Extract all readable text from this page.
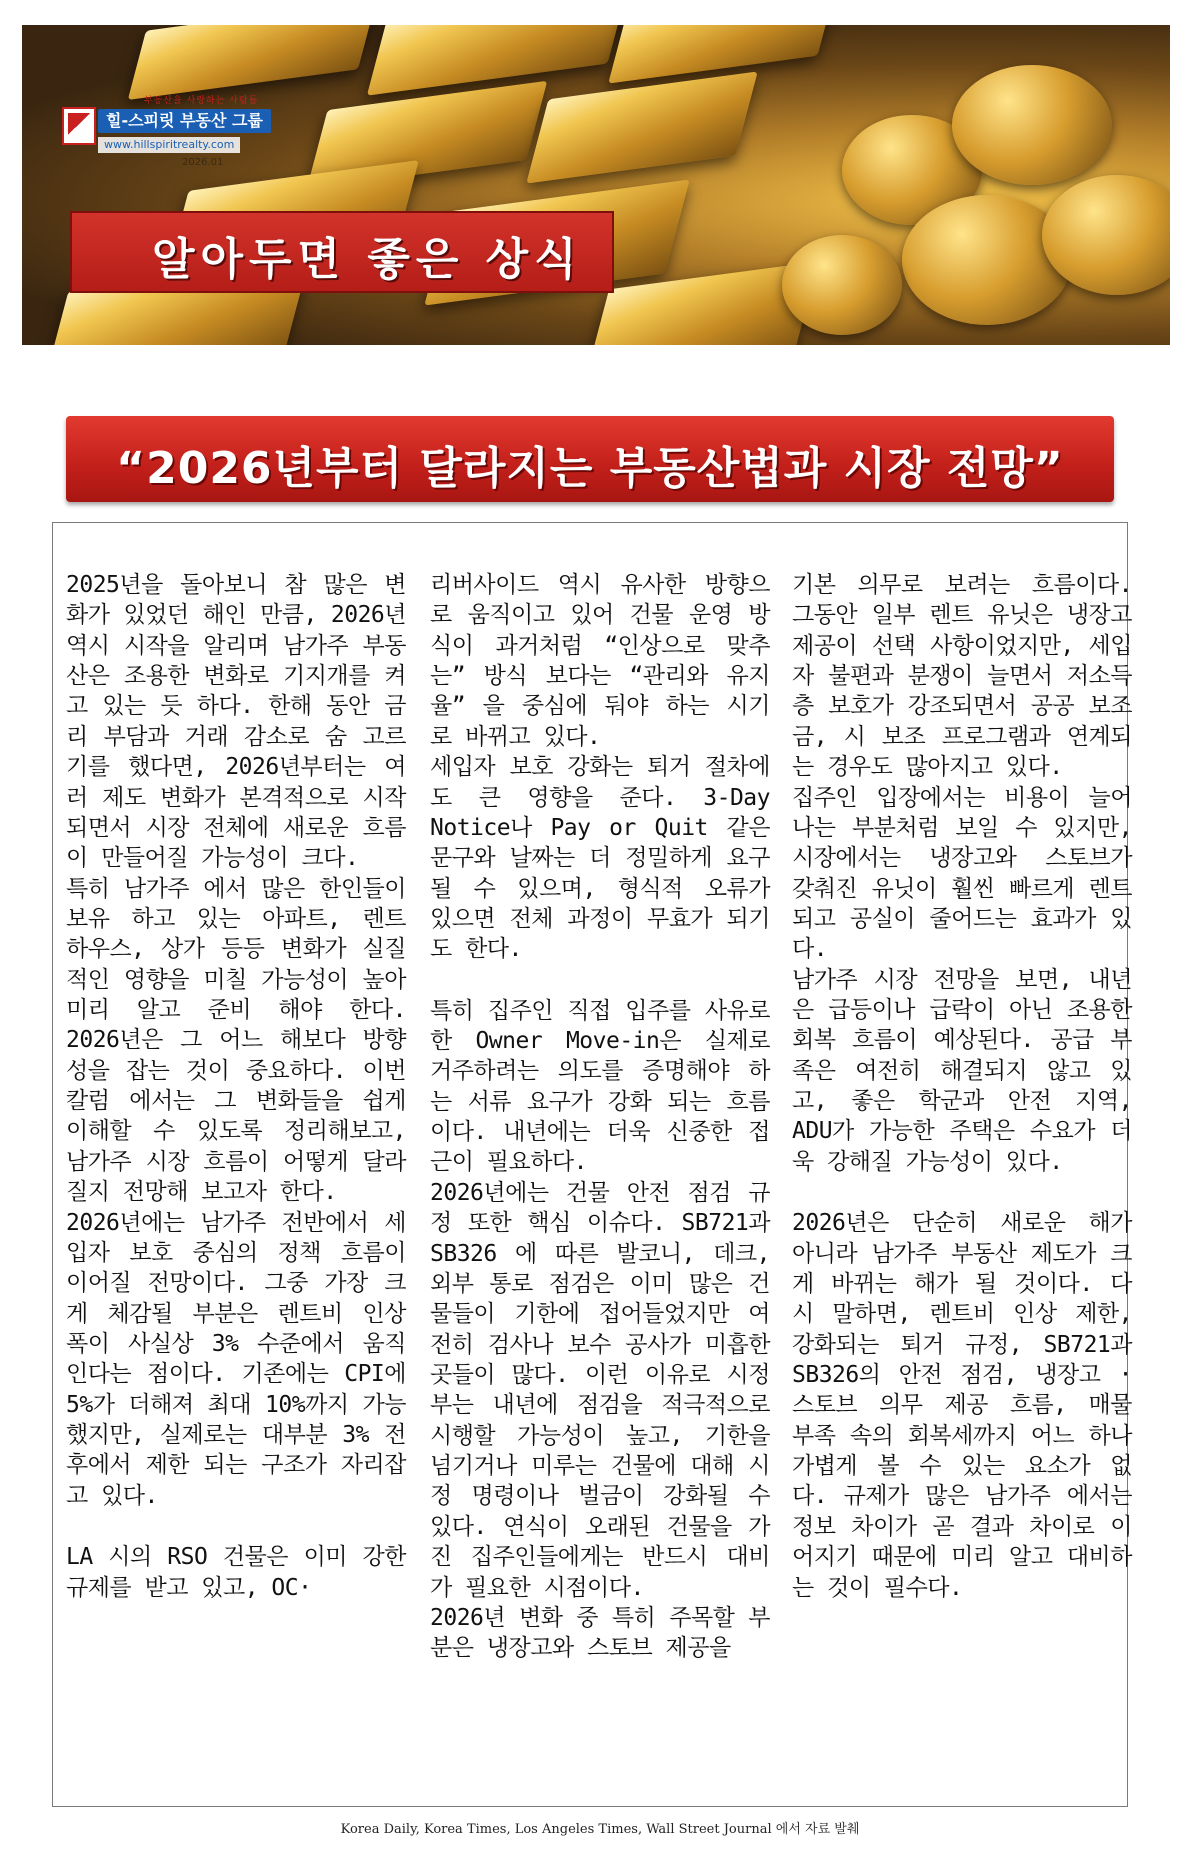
부동산을 사랑하는 사람들
힐-스피릿 부동산 그룹
www.hillspiritrealty.com
2026.01
알아두면 좋은 상식
“2026년부터 달라지는 부동산법과 시장 전망”

2025년을 돌아보니 참 많은 변화가 있었던 해인 만큼, 2026년 역시 시작을 알리며 남가주 부동산은 조용한 변화로 기지개를 켜고 있는 듯 하다. 한해 동안 금리 부담과 거래 감소로 숨 고르기를 했다면, 2026년부터는 여러 제도 변화가 본격적으로 시작 되면서 시장 전체에 새로운 흐름이 만들어질 가능성이 크다.

특히 남가주 에서 많은 한인들이 보유 하고 있는 아파트, 렌트 하우스, 상가 등등 변화가 실질적인 영향을 미칠 가능성이 높아 미리 알고 준비 해야 한다. 2026년은 그 어느 해보다 방향성을 잡는 것이 중요하다. 이번 칼럼 에서는 그 변화들을 쉽게 이해할 수 있도록 정리해보고, 남가주 시장 흐름이 어떻게 달라질지 전망해 보고자 한다.

2026년에는 남가주 전반에서 세입자 보호 중심의 정책 흐름이 이어질 전망이다. 그중 가장 크게 체감될 부분은 렌트비 인상 폭이 사실상 3% 수준에서 움직인다는 점이다. 기존에는 CPI에 5%가 더해져 최대 10%까지 가능 했지만, 실제로는 대부분 3% 전후에서 제한 되는 구조가 자리잡고 있다.

LA 시의 RSO 건물은 이미 강한 규제를 받고 있고, OC·

리버사이드 역시 유사한 방향으로 움직이고 있어 건물 운영 방식이 과거처럼 “인상으로 맞추는” 방식 보다는 “관리와 유지율” 을 중심에 둬야 하는 시기로 바뀌고 있다.

세입자 보호 강화는 퇴거 절차에도 큰 영향을 준다. 3-Day Notice나 Pay or Quit 같은 문구와 날짜는 더 정밀하게 요구될 수 있으며, 형식적 오류가 있으면 전체 과정이 무효가 되기도 한다.

특히 집주인 직접 입주를 사유로 한 Owner Move-in은 실제로 거주하려는 의도를 증명해야 하는 서류 요구가 강화 되는 흐름이다. 내년에는 더욱 신중한 접근이 필요하다.

2026년에는 건물 안전 점검 규정 또한 핵심 이슈다. SB721과 SB326 에 따른 발코니, 데크, 외부 통로 점검은 이미 많은 건물들이 기한에 접어들었지만 여전히 검사나 보수 공사가 미흡한 곳들이 많다. 이런 이유로 시정부는 내년에 점검을 적극적으로 시행할 가능성이 높고, 기한을 넘기거나 미루는 건물에 대해 시정 명령이나 벌금이 강화될 수 있다. 연식이 오래된 건물을 가진 집주인들에게는 반드시 대비가 필요한 시점이다.

2026년 변화 중 특히 주목할 부분은 냉장고와 스토브 제공을

기본 의무로 보려는 흐름이다. 그동안 일부 렌트 유닛은 냉장고 제공이 선택 사항이었지만, 세입자 불편과 분쟁이 늘면서 저소득층 보호가 강조되면서 공공 보조금, 시 보조 프로그램과 연계되는 경우도 많아지고 있다.

집주인 입장에서는 비용이 늘어나는 부분처럼 보일 수 있지만, 시장에서는 냉장고와 스토브가 갖춰진 유닛이 훨씬 빠르게 렌트되고 공실이 줄어드는 효과가 있다.

남가주 시장 전망을 보면, 내년은 급등이나 급락이 아닌 조용한 회복 흐름이 예상된다. 공급 부족은 여전히 해결되지 않고 있고, 좋은 학군과 안전 지역, ADU가 가능한 주택은 수요가 더욱 강해질 가능성이 있다.

2026년은 단순히 새로운 해가 아니라 남가주 부동산 제도가 크게 바뀌는 해가 될 것이다. 다시 말하면, 렌트비 인상 제한, 강화되는 퇴거 규정, SB721과 SB326의 안전 점검, 냉장고 · 스토브 의무 제공 흐름, 매물 부족 속의 회복세까지 어느 하나 가볍게 볼 수 있는 요소가 없다. 규제가 많은 남가주 에서는 정보 차이가 곧 결과 차이로 이어지기 때문에 미리 알고 대비하는 것이 필수다.

Korea Daily, Korea Times, Los Angeles Times, Wall Street Journal 에서 자료 발췌
